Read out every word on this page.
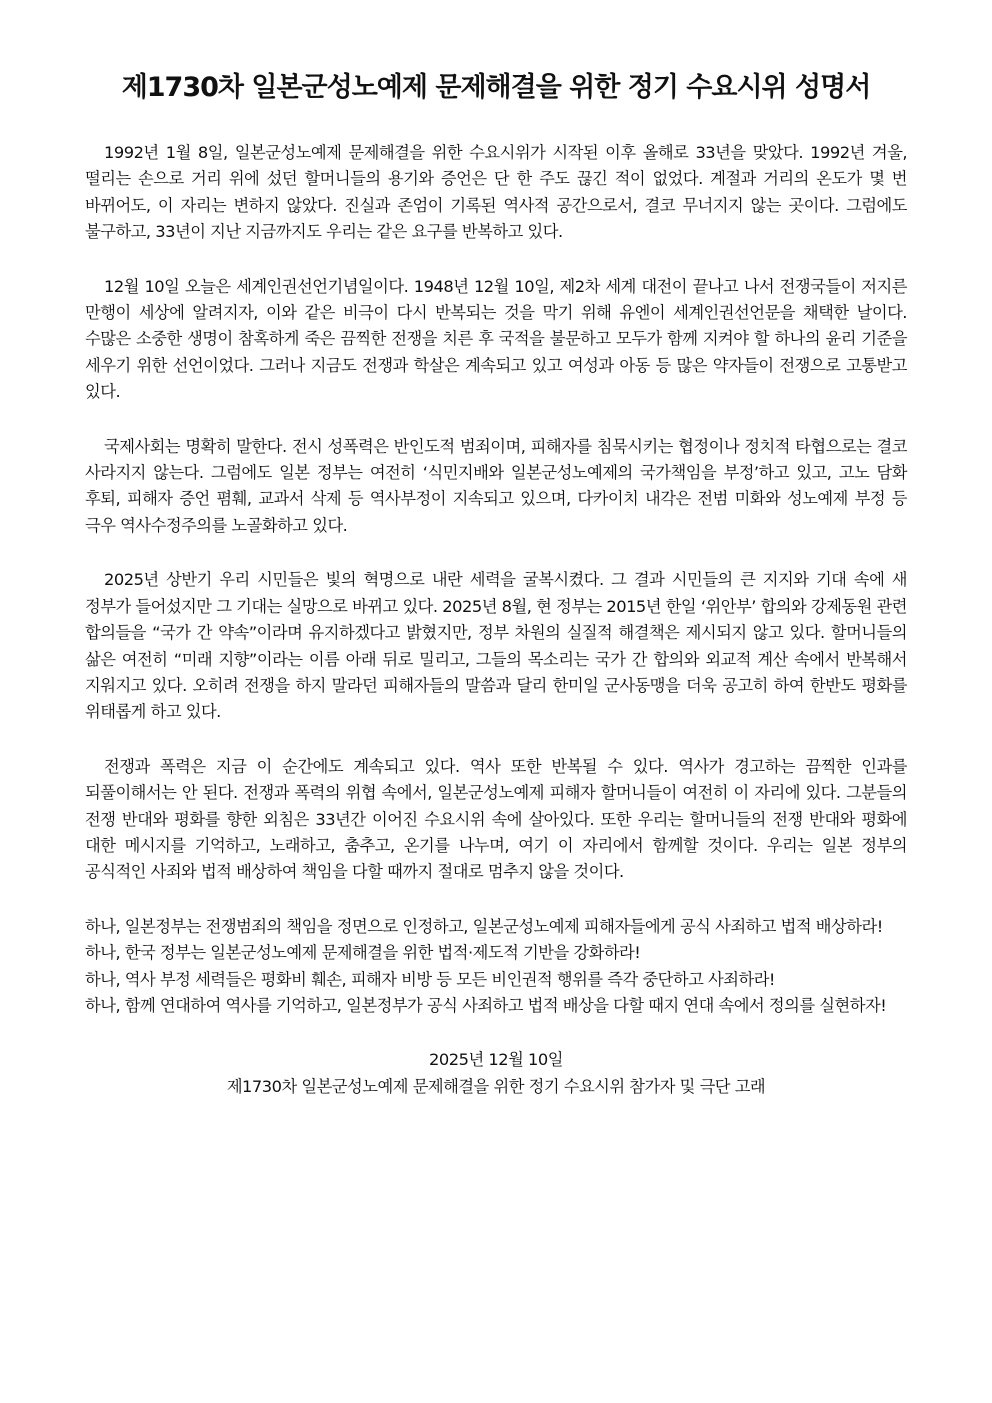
제1730차 일본군성노예제 문제해결을 위한 정기 수요시위 성명서

1992년 1월 8일, 일본군성노예제 문제해결을 위한 수요시위가 시작된 이후 올해로 33년을 맞았다. 1992년 겨울, 떨리는 손으로 거리 위에 섰던 할머니들의 용기와 증언은 단 한 주도 끊긴 적이 없었다. 계절과 거리의 온도가 몇 번 바뀌어도, 이 자리는 변하지 않았다. 진실과 존엄이 기록된 역사적 공간으로서, 결코 무너지지 않는 곳이다. 그럼에도 불구하고, 33년이 지난 지금까지도 우리는 같은 요구를 반복하고 있다.

12월 10일 오늘은 세계인권선언기념일이다. 1948년 12월 10일, 제2차 세계 대전이 끝나고 나서 전쟁국들이 저지른 만행이 세상에 알려지자, 이와 같은 비극이 다시 반복되는 것을 막기 위해 유엔이 세계인권선언문을 채택한 날이다. 수많은 소중한 생명이 참혹하게 죽은 끔찍한 전쟁을 치른 후 국적을 불문하고 모두가 함께 지켜야 할 하나의 윤리 기준을 세우기 위한 선언이었다. 그러나 지금도 전쟁과 학살은 계속되고 있고 여성과 아동 등 많은 약자들이 전쟁으로 고통받고 있다.

국제사회는 명확히 말한다. 전시 성폭력은 반인도적 범죄이며, 피해자를 침묵시키는 협정이나 정치적 타협으로는 결코 사라지지 않는다. 그럼에도 일본 정부는 여전히 ‘식민지배와 일본군성노예제의 국가책임을 부정’하고 있고, 고노 담화 후퇴, 피해자 증언 폄훼, 교과서 삭제 등 역사부정이 지속되고 있으며, 다카이치 내각은 전범 미화와 성노예제 부정 등 극우 역사수정주의를 노골화하고 있다.

2025년 상반기 우리 시민들은 빛의 혁명으로 내란 세력을 굴복시켰다. 그 결과 시민들의 큰 지지와 기대 속에 새 정부가 들어섰지만 그 기대는 실망으로 바뀌고 있다. 2025년 8월, 현 정부는 2015년 한일 ‘위안부’ 합의와 강제동원 관련 합의들을 “국가 간 약속”이라며 유지하겠다고 밝혔지만, 정부 차원의 실질적 해결책은 제시되지 않고 있다. 할머니들의 삶은 여전히 “미래 지향”이라는 이름 아래 뒤로 밀리고, 그들의 목소리는 국가 간 합의와 외교적 계산 속에서 반복해서 지워지고 있다. 오히려 전쟁을 하지 말라던 피해자들의 말씀과 달리 한미일 군사동맹을 더욱 공고히 하여 한반도 평화를 위태롭게 하고 있다.

전쟁과 폭력은 지금 이 순간에도 계속되고 있다. 역사 또한 반복될 수 있다. 역사가 경고하는 끔찍한 인과를 되풀이해서는 안 된다. 전쟁과 폭력의 위협 속에서, 일본군성노예제 피해자 할머니들이 여전히 이 자리에 있다. 그분들의 전쟁 반대와 평화를 향한 외침은 33년간 이어진 수요시위 속에 살아있다. 또한 우리는 할머니들의 전쟁 반대와 평화에 대한 메시지를 기억하고, 노래하고, 춤추고, 온기를 나누며, 여기 이 자리에서 함께할 것이다. 우리는 일본 정부의 공식적인 사죄와 법적 배상하여 책임을 다할 때까지 절대로 멈추지 않을 것이다.

하나, 일본정부는 전쟁범죄의 책임을 정면으로 인정하고, 일본군성노예제 피해자들에게 공식 사죄하고 법적 배상하라!

하나, 한국 정부는 일본군성노예제 문제해결을 위한 법적·제도적 기반을 강화하라!

하나, 역사 부정 세력들은 평화비 훼손, 피해자 비방 등 모든 비인권적 행위를 즉각 중단하고 사죄하라!

하나, 함께 연대하여 역사를 기억하고, 일본정부가 공식 사죄하고 법적 배상을 다할 때지 연대 속에서 정의를 실현하자!

2025년 12월 10일
제1730차 일본군성노예제 문제해결을 위한 정기 수요시위 참가자 및 극단 고래
